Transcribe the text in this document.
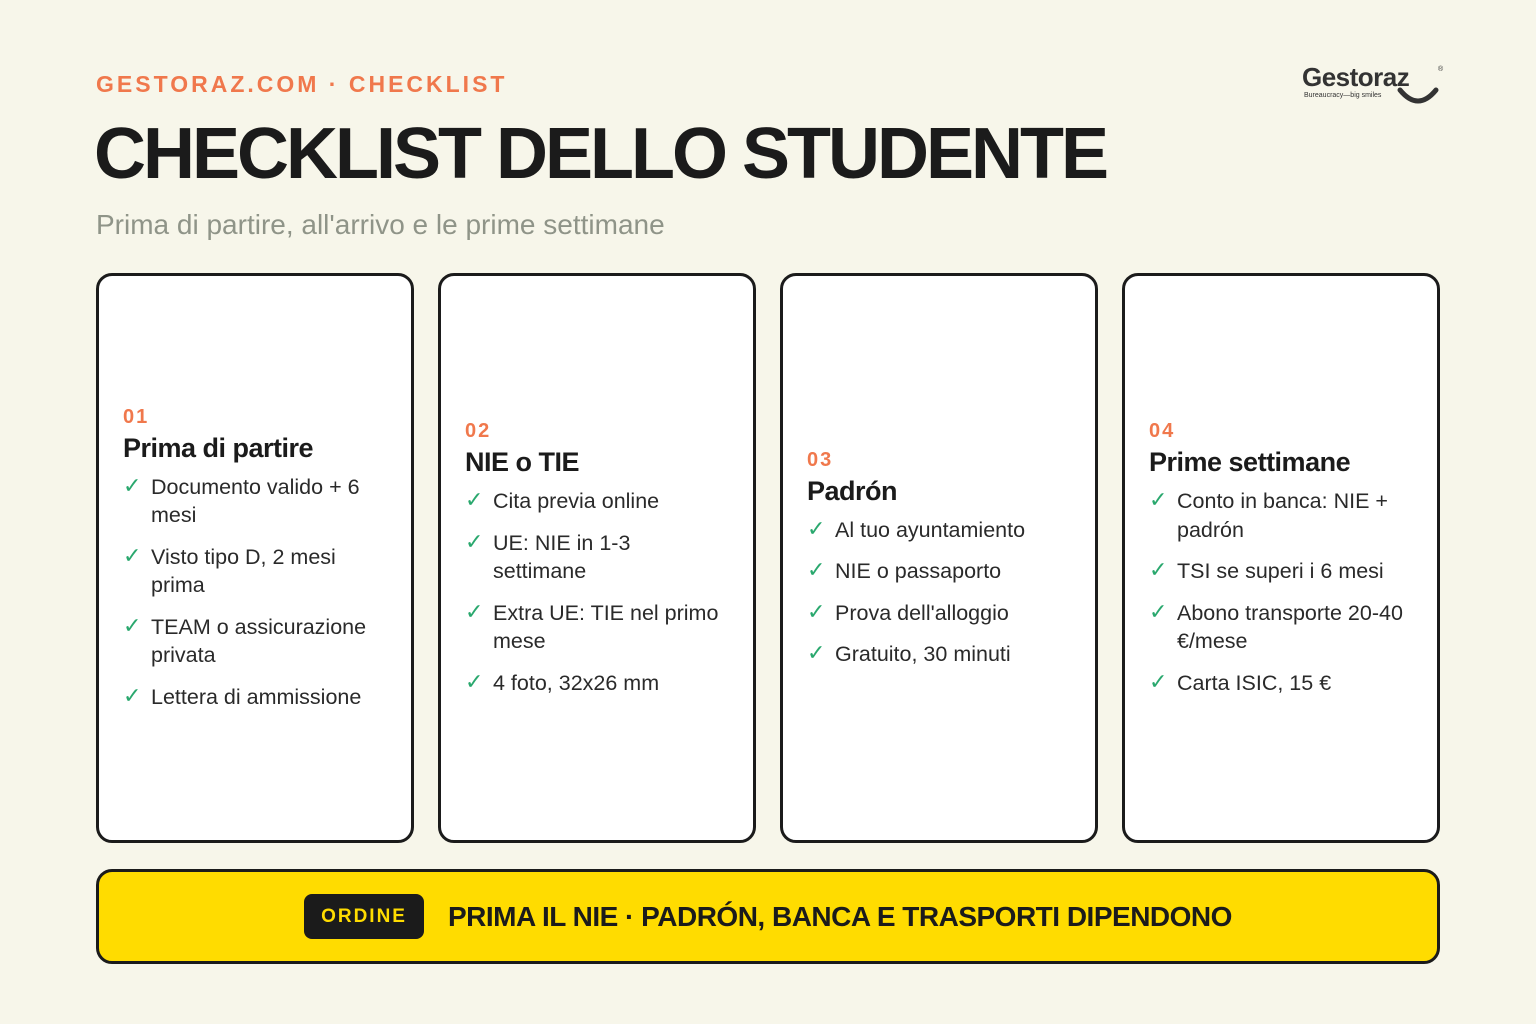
GESTORAZ.COM · CHECKLIST
CHECKLIST DELLO STUDENTE
Prima di partire, all'arrivo e le prime settimane
Gestoraz	®
Bureaucracy—big smiles
01
Prima di partire
✓ Documento valido + 6 mesi
✓ Visto tipo D, 2 mesi prima
✓ TEAM o assicurazione privata
✓ Lettera di ammissione
02
NIE o TIE
✓ Cita previa online
✓ UE: NIE in 1-3 settimane
✓ Extra UE: TIE nel primo mese
✓ 4 foto, 32x26 mm
03
Padrón
✓ Al tuo ayuntamiento
✓ NIE o passaporto
✓ Prova dell'alloggio
✓ Gratuito, 30 minuti
04
Prime settimane
✓ Conto in banca: NIE + padrón
✓ TSI se superi i 6 mesi
✓ Abono transporte 20-40 €/mese
✓ Carta ISIC, 15 €
ORDINE	PRIMA IL NIE · PADRÓN, BANCA E TRASPORTI DIPENDONO
